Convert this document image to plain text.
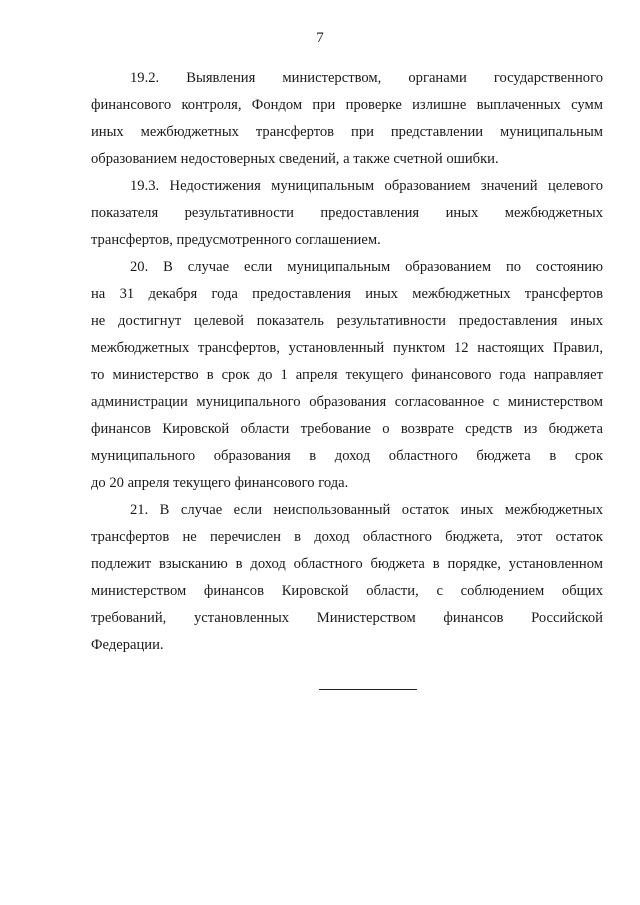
7
19.2. Выявления министерством, органами государственного
финансового контроля, Фондом при проверке излишне выплаченных сумм
иных межбюджетных трансфертов при представлении муниципальным
образованием недостоверных сведений, а также счетной ошибки.
19.3. Недостижения муниципальным образованием значений целевого
показателя результативности предоставления иных межбюджетных
трансфертов, предусмотренного соглашением.
20. В случае если муниципальным образованием по состоянию
на 31 декабря года предоставления иных межбюджетных трансфертов
не достигнут целевой показатель результативности предоставления иных
межбюджетных трансфертов, установленный пунктом 12 настоящих Правил,
то министерство в срок до 1 апреля текущего финансового года направляет
администрации муниципального образования согласованное с министерством
финансов Кировской области требование о возврате средств из бюджета
муниципального образования в доход областного бюджета в срок
до 20 апреля текущего финансового года.
21. В случае если неиспользованный остаток иных межбюджетных
трансфертов не перечислен в доход областного бюджета, этот остаток
подлежит взысканию в доход областного бюджета в порядке, установленном
министерством финансов Кировской области, с соблюдением общих
требований, установленных Министерством финансов Российской
Федерации.
